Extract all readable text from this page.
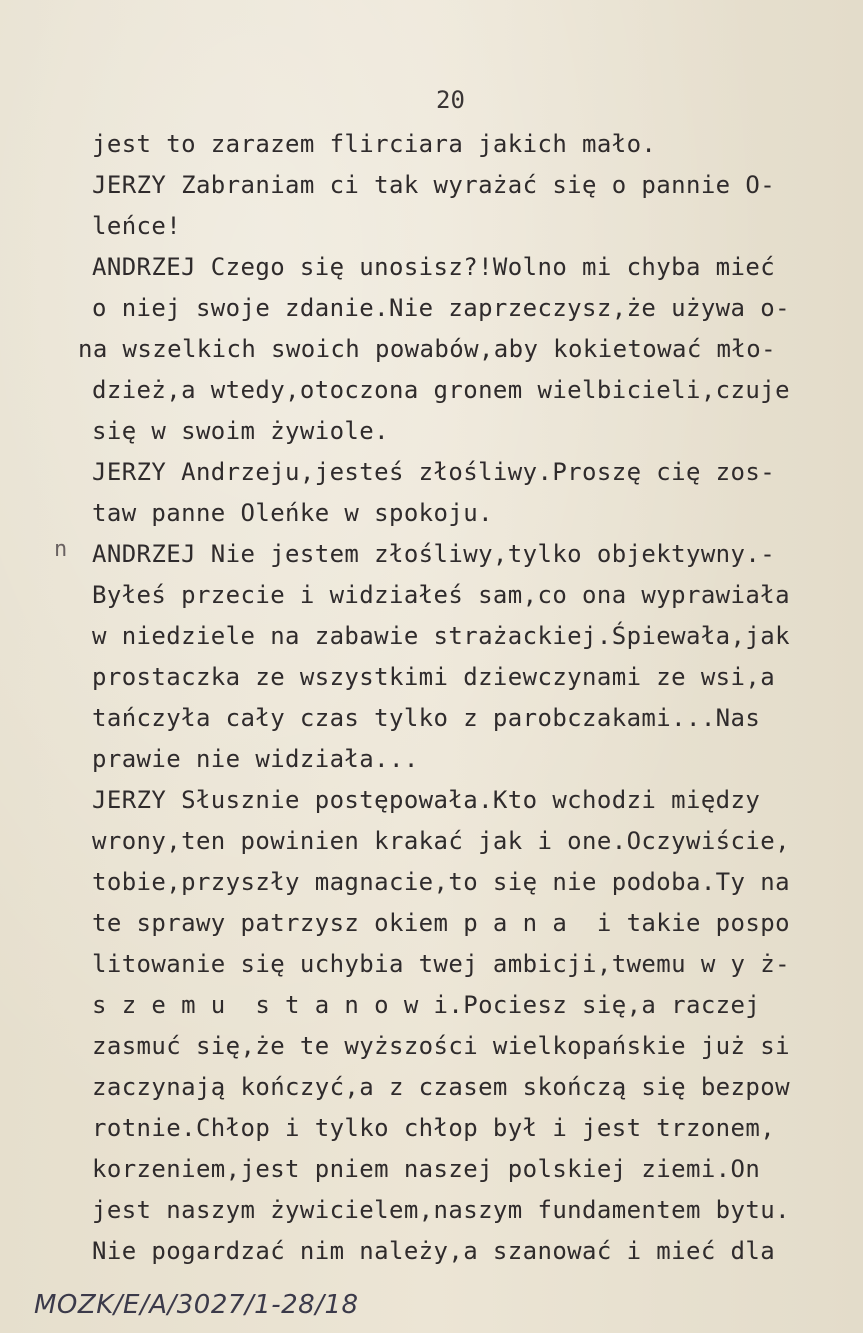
20
n
jest to zarazem flirciara jakich mało.
JERZY Zabraniam ci tak wyrażać się o pannie O-
leńce!
ANDRZEJ Czego się unosisz?!Wolno mi chyba mieć
o niej swoje zdanie.Nie zaprzeczysz,że używa o-
na wszelkich swoich powabów,aby kokietować mło-
dzież,a wtedy,otoczona gronem wielbicieli,czuje
się w swoim żywiole.
JERZY Andrzeju,jesteś złośliwy.Proszę cię zos-
taw panne Oleńke w spokoju.
ANDRZEJ Nie jestem złośliwy,tylko objektywny.-
Byłeś przecie i widziałeś sam,co ona wyprawiała
w niedziele na zabawie strażackiej.Śpiewała,jak
prostaczka ze wszystkimi dziewczynami ze wsi,a
tańczyła cały czas tylko z parobczakami...Nas
prawie nie widziała...
JERZY Słusznie postępowała.Kto wchodzi między
wrony,ten powinien krakać jak i one.Oczywiście,
tobie,przyszły magnacie,to się nie podoba.Ty na
te sprawy patrzysz okiem p a n a  i takie pospo
litowanie się uchybia twej ambicji,twemu w y ż-
s z e m u  s t a n o w i.Pociesz się,a raczej
zasmuć się,że te wyższości wielkopańskie już si
zaczynają kończyć,a z czasem skończą się bezpow
rotnie.Chłop i tylko chłop był i jest trzonem,
korzeniem,jest pniem naszej polskiej ziemi.On
jest naszym żywicielem,naszym fundamentem bytu.
Nie pogardzać nim należy,a szanować i mieć dla
MOZK/E/A/3027/1-28/18
